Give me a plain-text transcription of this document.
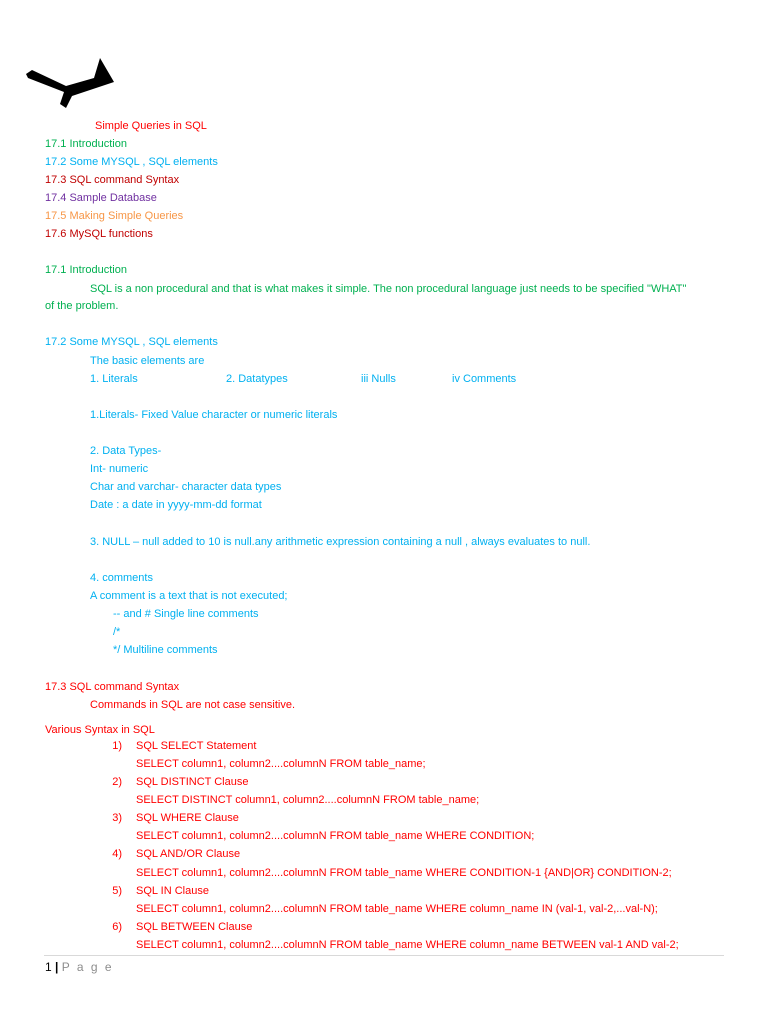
Simple Queries in SQL
17.1 Introduction
17.2 Some MYSQL , SQL elements
17.3 SQL command Syntax
17.4 Sample Database
17.5 Making Simple Queries
17.6 MySQL functions
17.1 Introduction
SQL is a non procedural and that is what makes it simple. The non procedural language just needs to be specified "WHAT"
of the problem.
17.2 Some MYSQL , SQL elements
The basic elements are
1. Literals	2. Datatypes	iii Nulls	iv Comments
1.Literals- Fixed Value character or numeric literals
2. Data Types-
Int- numeric
Char and varchar- character data types
Date : a date in yyyy-mm-dd format
3. NULL – null added to 10 is null.any arithmetic expression containing a null , always evaluates to null.
4. comments
A comment is a text that is not executed;
-- and # Single line comments
/*
*/ Multiline comments
17.3 SQL command Syntax
Commands in SQL are not case sensitive.
Various Syntax in SQL
1) SQL SELECT Statement
SELECT column1, column2....columnN FROM table_name;
2) SQL DISTINCT Clause
SELECT DISTINCT column1, column2....columnN FROM table_name;
3) SQL WHERE Clause
SELECT column1, column2....columnN FROM table_name WHERE CONDITION;
4) SQL AND/OR Clause
SELECT column1, column2....columnN FROM table_name WHERE CONDITION-1 {AND|OR} CONDITION-2;
5) SQL IN Clause
SELECT column1, column2....columnN FROM table_name WHERE column_name IN (val-1, val-2,...val-N);
6) SQL BETWEEN Clause
SELECT column1, column2....columnN FROM table_name WHERE column_name BETWEEN val-1 AND val-2;
1 | P a g e
